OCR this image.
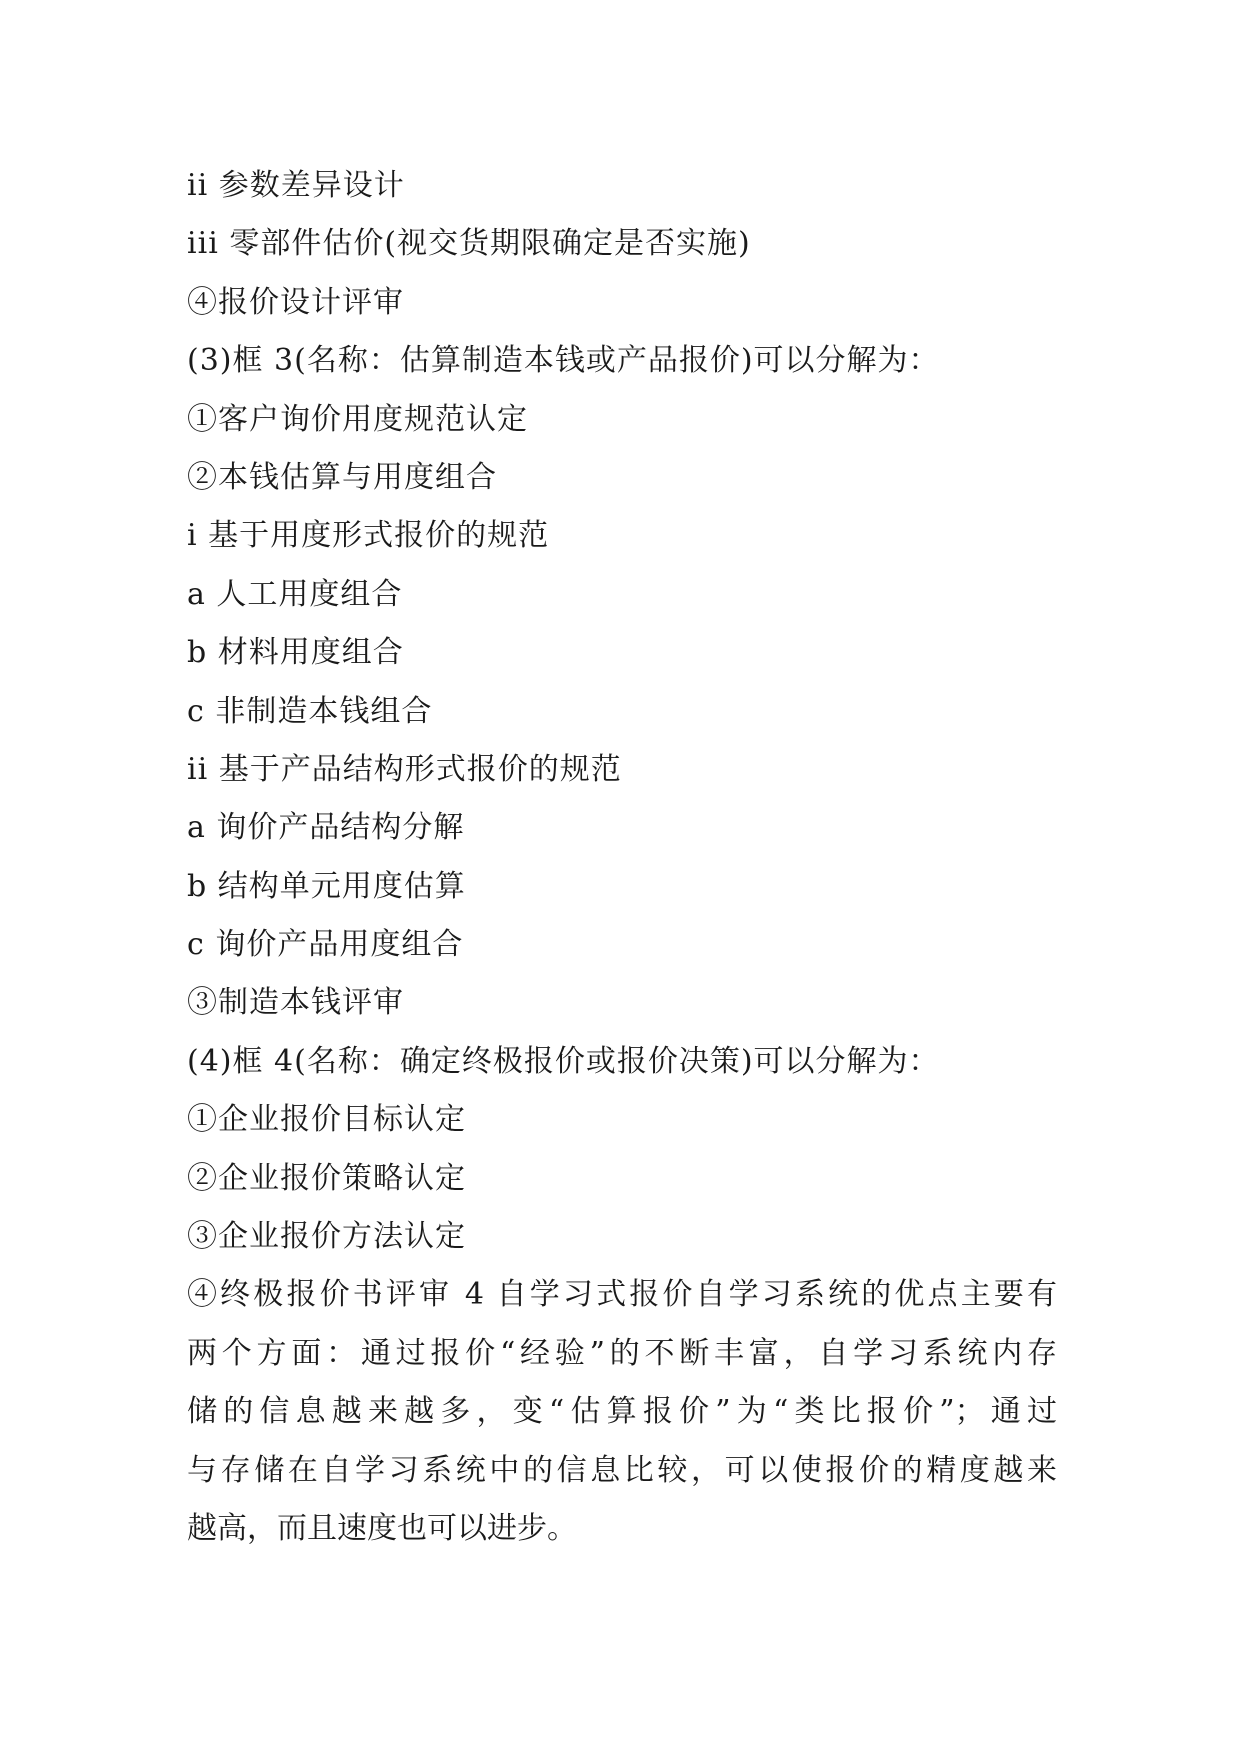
ii 参数差异设计
iii 零部件估价(视交货期限确定是否实施)
④报价设计评审
(3)框 3(名称：估算制造本钱或产品报价)可以分解为：
①客户询价用度规范认定
②本钱估算与用度组合
i 基于用度形式报价的规范
a 人工用度组合
b 材料用度组合
c 非制造本钱组合
ii 基于产品结构形式报价的规范
a 询价产品结构分解
b 结构单元用度估算
c 询价产品用度组合
③制造本钱评审
(4)框 4(名称：确定终极报价或报价决策)可以分解为：
①企业报价目标认定
②企业报价策略认定
③企业报价方法认定
④终极报价书评审 4 自学习式报价自学习系统的优点主要有
两个方面：通过报价“经验”的不断丰富，自学习系统内存
储的信息越来越多，变“估算报价”为“类比报价”；通过
与存储在自学习系统中的信息比较，可以使报价的精度越来
越高，而且速度也可以进步。
